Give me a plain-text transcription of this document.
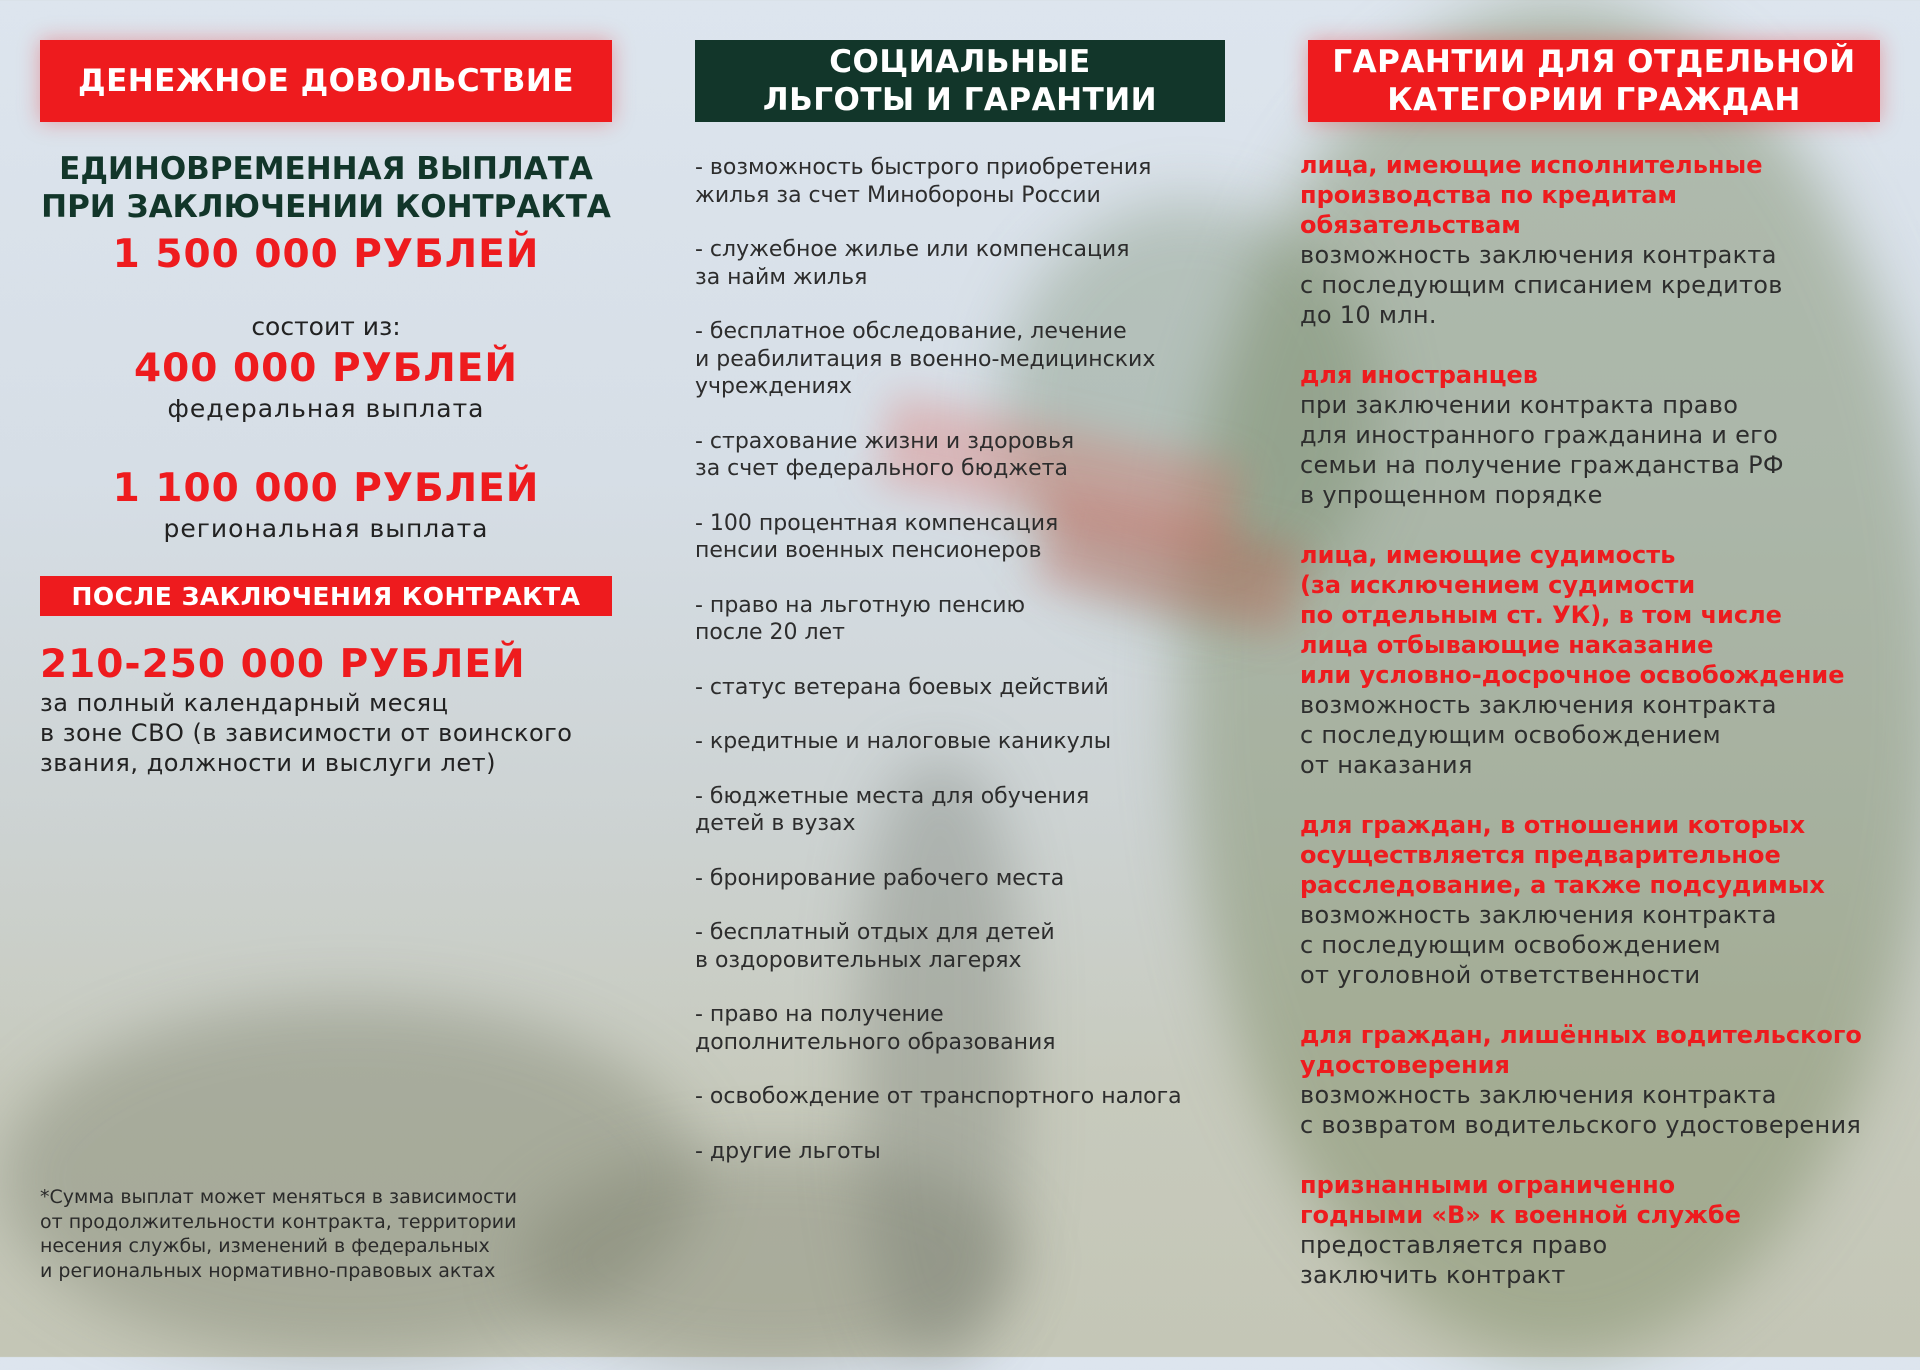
ДЕНЕЖНОЕ ДОВОЛЬСТВИЕ
ЕДИНОВРЕМЕННАЯ ВЫПЛАТА
ПРИ ЗАКЛЮЧЕНИИ КОНТРАКТА
1 500 000 РУБЛЕЙ
состоит из:
400 000 РУБЛЕЙ
федеральная выплата
1 100 000 РУБЛЕЙ
региональная выплата
ПОСЛЕ ЗАКЛЮЧЕНИЯ КОНТРАКТА
210-250 000 РУБЛЕЙ
за полный календарный месяц
в зоне СВО (в зависимости от воинского
звания, должности и выслуги лет)
*Сумма выплат может меняться в зависимости
от продолжительности контракта, территории
несения службы, изменений в федеральных
и региональных нормативно-правовых актах
СОЦИАЛЬНЫЕ
ЛЬГОТЫ И ГАРАНТИИ
- возможность быстрого приобретения
жилья за счет Минобороны России
- служебное жилье или компенсация
за найм жилья
- бесплатное обследование, лечение
и реабилитация в военно-медицинских
учреждениях
- страхование жизни и здоровья
за счет федерального бюджета
- 100 процентная компенсация
пенсии военных пенсионеров
- право на льготную пенсию
после 20 лет
- статус ветерана боевых действий
- кредитные и налоговые каникулы
- бюджетные места для обучения
детей в вузах
- бронирование рабочего места
- бесплатный отдых для детей
в оздоровительных лагерях
- право на получение
дополнительного образования
- освобождение от транспортного налога
- другие льготы
ГАРАНТИИ ДЛЯ ОТДЕЛЬНОЙ
КАТЕГОРИИ ГРАЖДАН
лица, имеющие исполнительные
производства по кредитам
обязательствам
возможность заключения контракта
с последующим списанием кредитов
до 10 млн.
для иностранцев
при заключении контракта право
для иностранного гражданина и его
семьи на получение гражданства РФ
в упрощенном порядке
лица, имеющие судимость
(за исключением судимости
по отдельным ст. УК), в том числе
лица отбывающие наказание
или условно-досрочное освобождение
возможность заключения контракта
с последующим освобождением
от наказания
для граждан, в отношении которых
осуществляется предварительное
расследование, а также подсудимых
возможность заключения контракта
с последующим освобождением
от уголовной ответственности
для граждан, лишённых водительского
удостоверения
возможность заключения контракта
с возвратом водительского удостоверения
признанными ограниченно
годными «В» к военной службе
предоставляется право
заключить контракт
